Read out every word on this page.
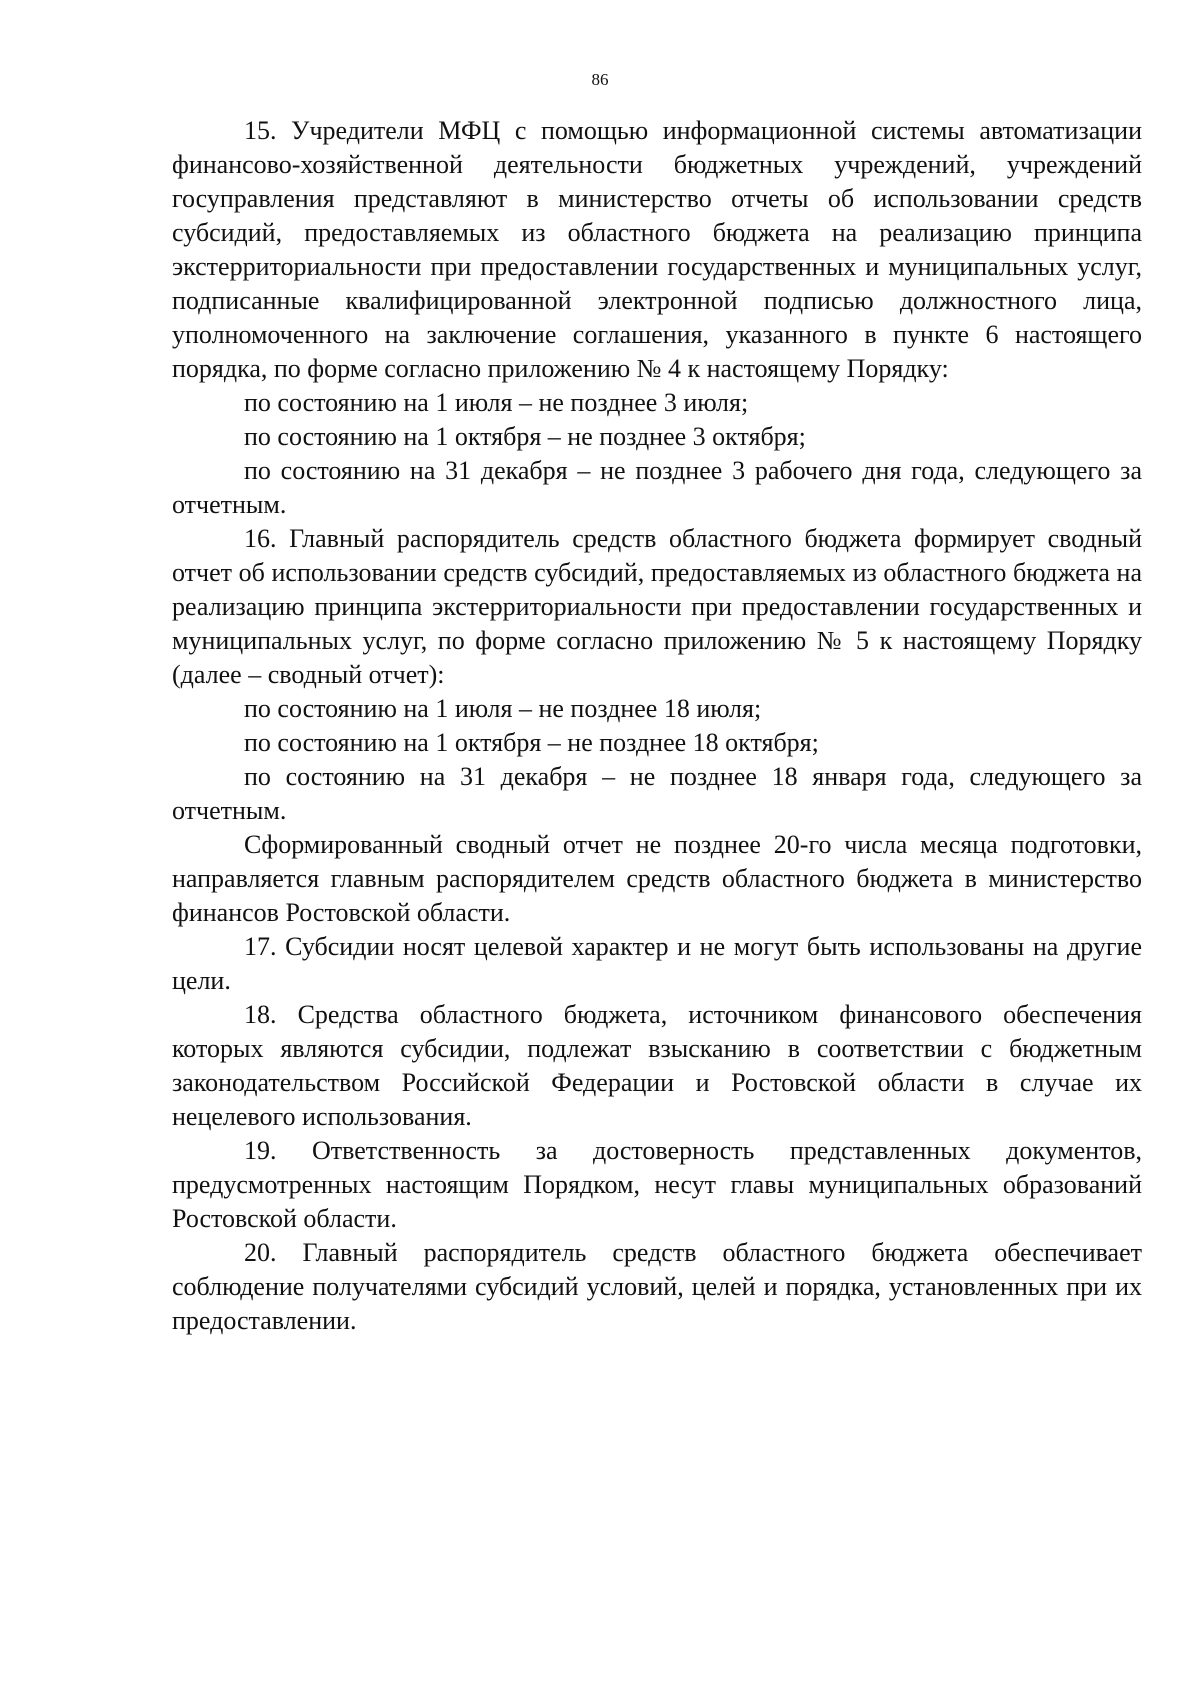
86

15. Учредители МФЦ с помощью информационной системы автоматизации финансово-хозяйственной деятельности бюджетных учреждений, учреждений госуправления представляют в министерство отчеты об использовании средств субсидий, предоставляемых из областного бюджета на реализацию принципа экстерриториальности при предоставлении государственных и муниципальных услуг, подписанные квалифицированной электронной подписью должностного лица, уполномоченного на заключение соглашения, указанного в пункте 6 настоящего порядка, по форме согласно приложению № 4 к настоящему Порядку:

по состоянию на 1 июля – не позднее 3 июля;

по состоянию на 1 октября – не позднее 3 октября;

по состоянию на 31 декабря – не позднее 3 рабочего дня года, следующего за отчетным.

16. Главный распорядитель средств областного бюджета формирует сводный отчет об использовании средств субсидий, предоставляемых из областного бюджета на реализацию принципа экстерриториальности при предоставлении государственных и муниципальных услуг, по форме согласно приложению № 5 к настоящему Порядку (далее – сводный отчет):

по состоянию на 1 июля – не позднее 18 июля;

по состоянию на 1 октября – не позднее 18 октября;

по состоянию на 31 декабря – не позднее 18 января года, следующего за отчетным.

Сформированный сводный отчет не позднее 20-го числа месяца подготовки, направляется главным распорядителем средств областного бюджета в министерство финансов Ростовской области.

17. Субсидии носят целевой характер и не могут быть использованы на другие цели.

18. Средства областного бюджета, источником финансового обеспечения которых являются субсидии, подлежат взысканию в соответствии с бюджетным законодательством Российской Федерации и Ростовской области в случае их нецелевого использования.

19. Ответственность за достоверность представленных документов, предусмотренных настоящим Порядком, несут главы муниципальных образований Ростовской области.

20. Главный распорядитель средств областного бюджета обеспечивает соблюдение получателями субсидий условий, целей и порядка, установленных при их предоставлении.
